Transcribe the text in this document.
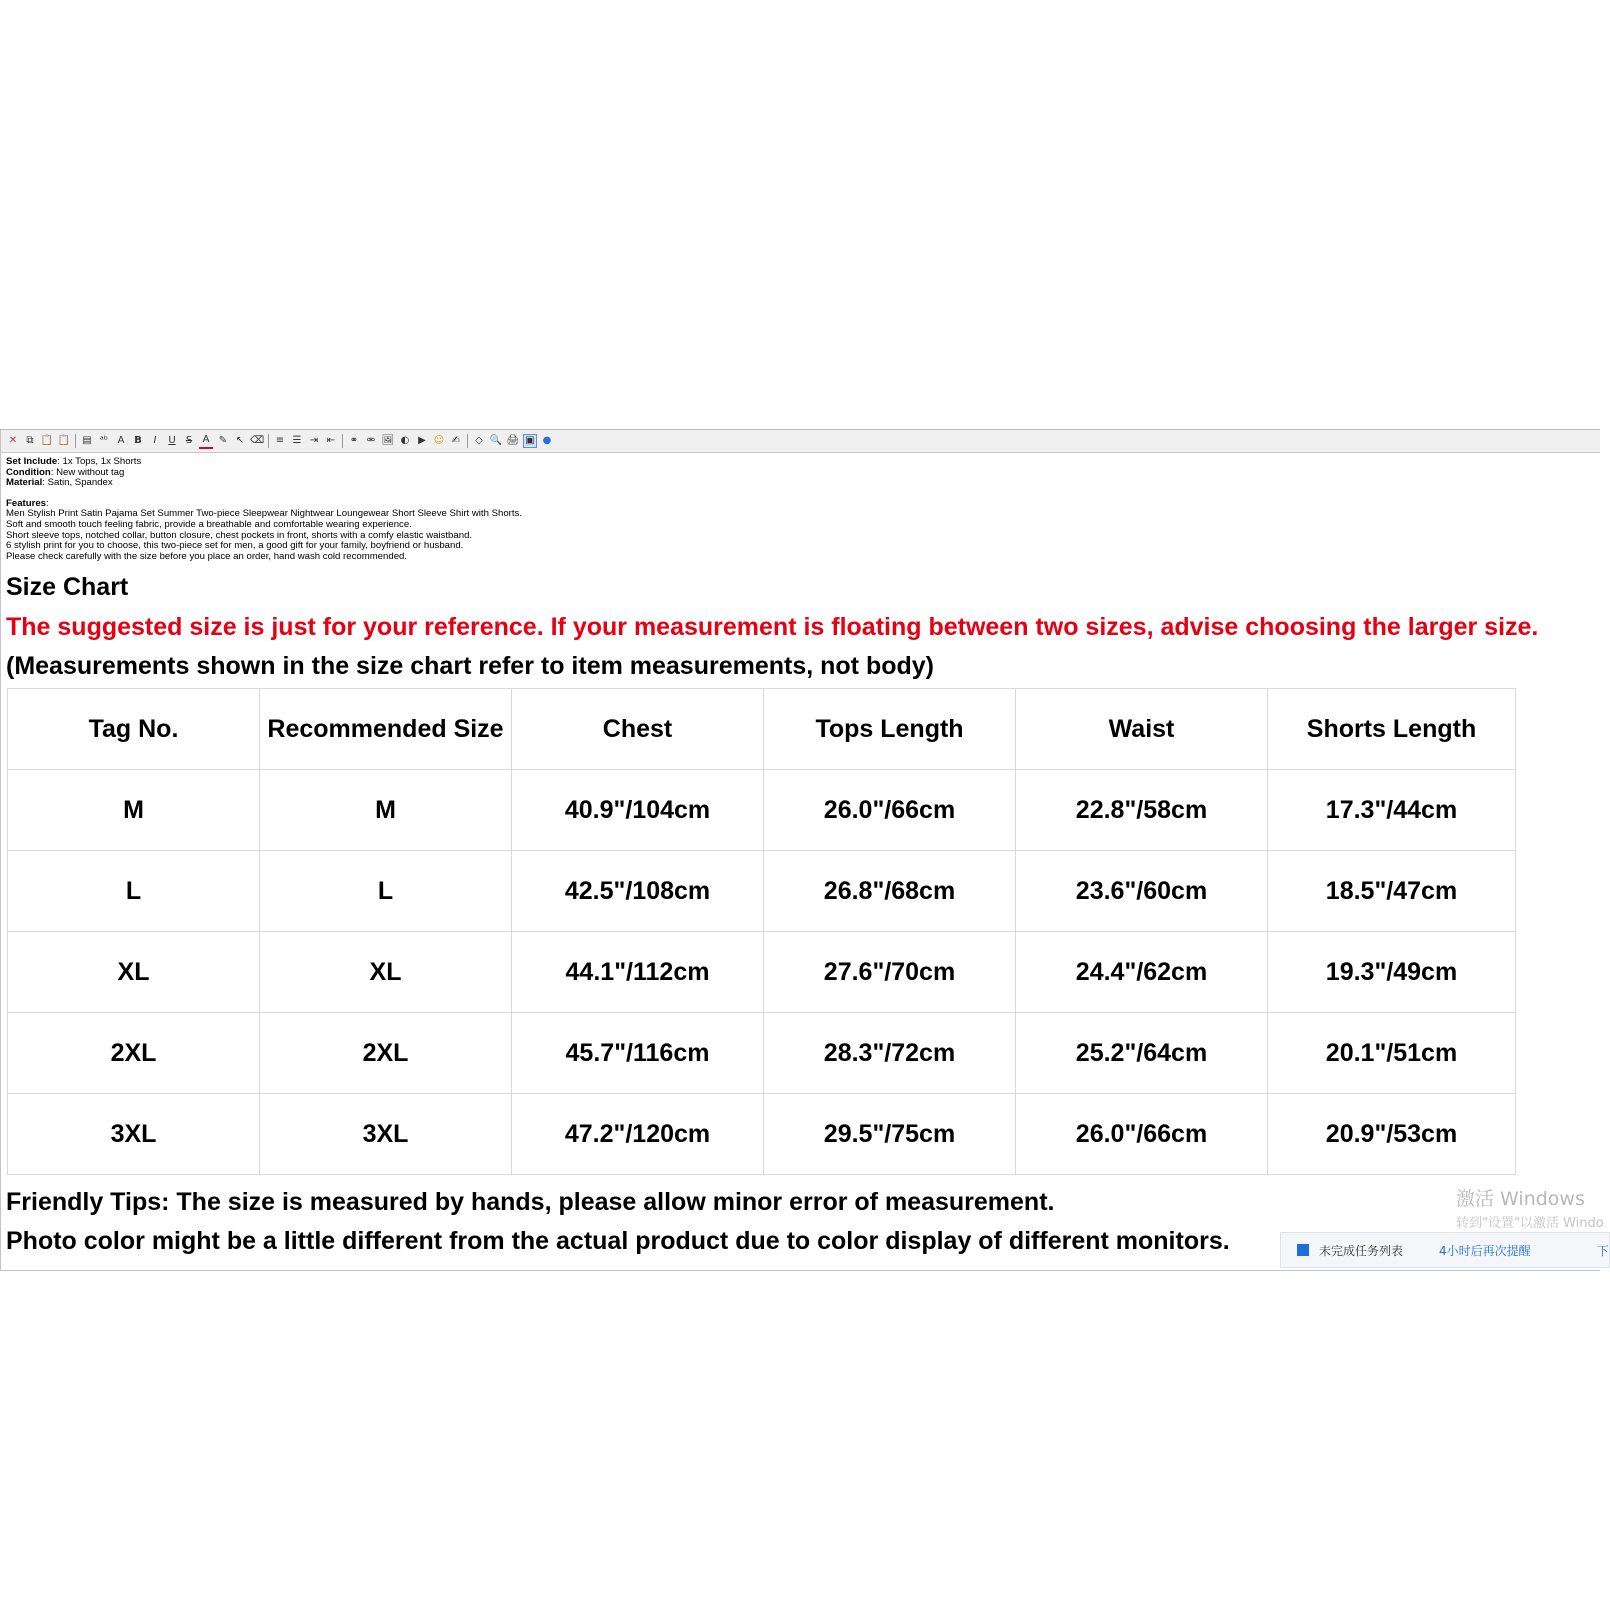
✕ ⧉ 📋 📋 ▤ ᵃᵇ A B	I	U	S	A ✎ ↖ ⌫ ≡ ☰ ⇥ ⇤ ⚭ ⚮ 🖼 ◐ ▶ ☺ ✍	◇ 🔍 🖨 ▣ ●
Set Include: 1x Tops, 1x Shorts
Condition: New without tag
Material: Satin, Spandex
Features:
Men Stylish Print Satin Pajama Set Summer Two-piece Sleepwear Nightwear Loungewear Short Sleeve Shirt with Shorts.
Soft and smooth touch feeling fabric, provide a breathable and comfortable wearing experience.
Short sleeve tops, notched collar, button closure, chest pockets in front, shorts with a comfy elastic waistband.
6 stylish print for you to choose, this two-piece set for men, a good gift for your family, boyfriend or husband.
Please check carefully with the size before you place an order, hand wash cold recommended.
Size Chart
The suggested size is just for your reference. If your measurement is floating between two sizes, advise choosing the larger size.
(Measurements shown in the size chart refer to item measurements, not body)
Tag No.	Recommended Size	Chest	Tops Length	Waist	Shorts Length
M	M	40.9"/104cm	26.0"/66cm	22.8"/58cm	17.3"/44cm
L	L	42.5"/108cm	26.8"/68cm	23.6"/60cm	18.5"/47cm
XL	XL	44.1"/112cm	27.6"/70cm	24.4"/62cm	19.3"/49cm
2XL	2XL	45.7"/116cm	28.3"/72cm	25.2"/64cm	20.1"/51cm
3XL	3XL	47.2"/120cm	29.5"/75cm	26.0"/66cm	20.9"/53cm
Friendly Tips: The size is measured by hands, please allow minor error of measurement.
Photo color might be a little different from the actual product due to color display of different monitors.
激活 Windows
转到"设置"以激活 Windo
未完成任务列表	4小时后再次提醒	下
